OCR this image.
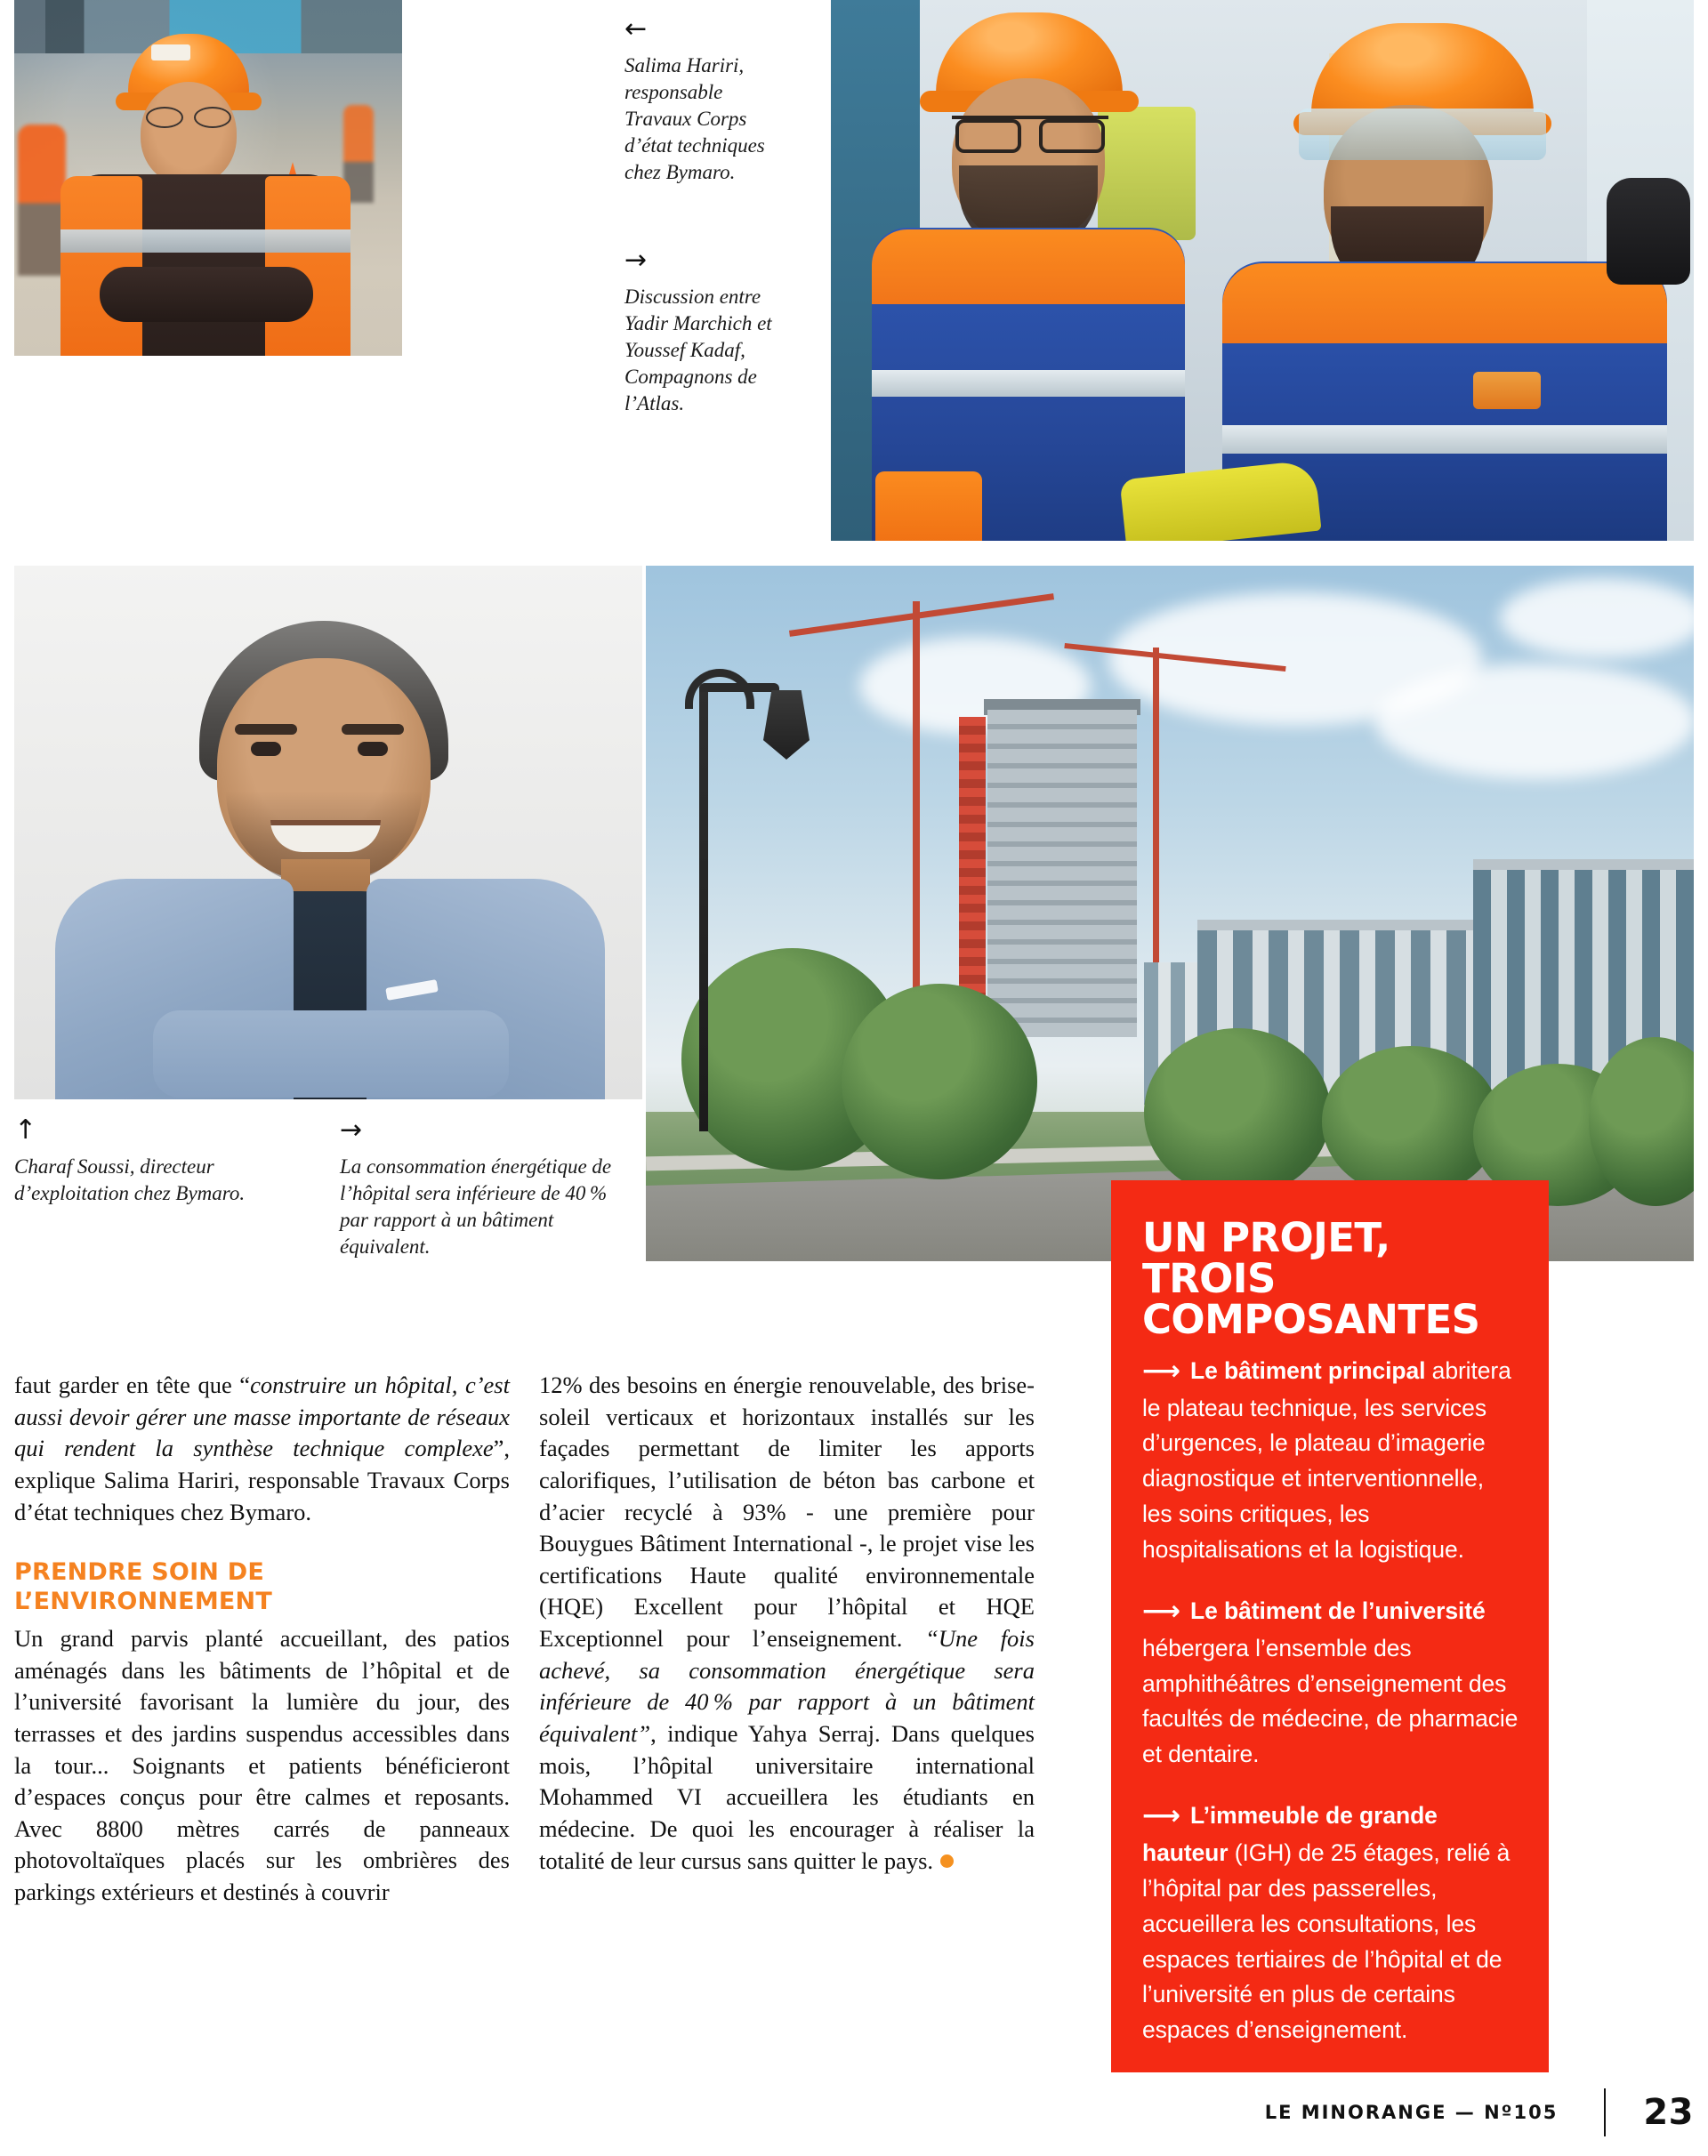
←
Salima Hariri, responsable Travaux Corps d’état techniques chez Bymaro.
→
Discussion entre Yadir Marchich et Youssef Kadaf, Compagnons de l’Atlas.
↑
Charaf Soussi, directeur d’exploitation chez Bymaro.
→
La consommation énergétique de l’hôpital sera inférieure de 40 % par rapport à un bâtiment équivalent.	UN PROJET, TROIS COMPOSANTES

⟶ Le bâtiment principal abritera le plateau technique, les services d’urgences, le plateau d’imagerie diagnostique et interventionnelle, les soins critiques, les hospitalisations et la logistique.

⟶ Le bâtiment de l’université hébergera l’ensemble des amphithéâtres d’enseignement des facultés de médecine, de pharmacie et dentaire.

⟶ L’immeuble de grande hauteur (IGH) de 25 étages, relié à l’hôpital par des passerelles, accueillera les consultations, les espaces tertiaires de l’hôpital et de l’université en plus de certains espaces d’enseignement.

faut garder en tête que “construire un hôpital, c’est aussi devoir gérer une masse importante de réseaux qui rendent la synthèse technique complexe”, explique Salima Hariri, responsable Travaux Corps d’état techniques chez Bymaro.

PRENDRE SOIN DE L’ENVIRONNEMENT

Un grand parvis planté accueillant, des patios aménagés dans les bâtiments de l’hôpital et de l’université favorisant la lumière du jour, des terrasses et des jardins suspendus accessibles dans la tour... Soignants et patients bénéficieront d’espaces conçus pour être calmes et reposants. Avec 8800 mètres carrés de panneaux photovoltaïques placés sur les ombrières des parkings extérieurs et destinés à couvrir

12% des besoins en énergie renouvelable, des brise-soleil verticaux et horizontaux installés sur les façades permettant de limiter les apports calorifiques, l’utilisation de béton bas carbone et d’acier recyclé à 93% - une première pour Bouygues Bâtiment International -, le projet vise les certifications Haute qualité environnementale (HQE) Excellent pour l’hôpital et HQE Exceptionnel pour l’enseignement. “Une fois achevé, sa consommation énergétique sera inférieure de 40 % par rapport à un bâtiment équivalent”, indique Yahya Serraj. Dans quelques mois, l’hôpital universitaire international Mohammed VI accueillera les étudiants en médecine. De quoi les encourager à réaliser la totalité de leur cursus sans quitter le pays.

LE MINORANGE — Nº105 23
